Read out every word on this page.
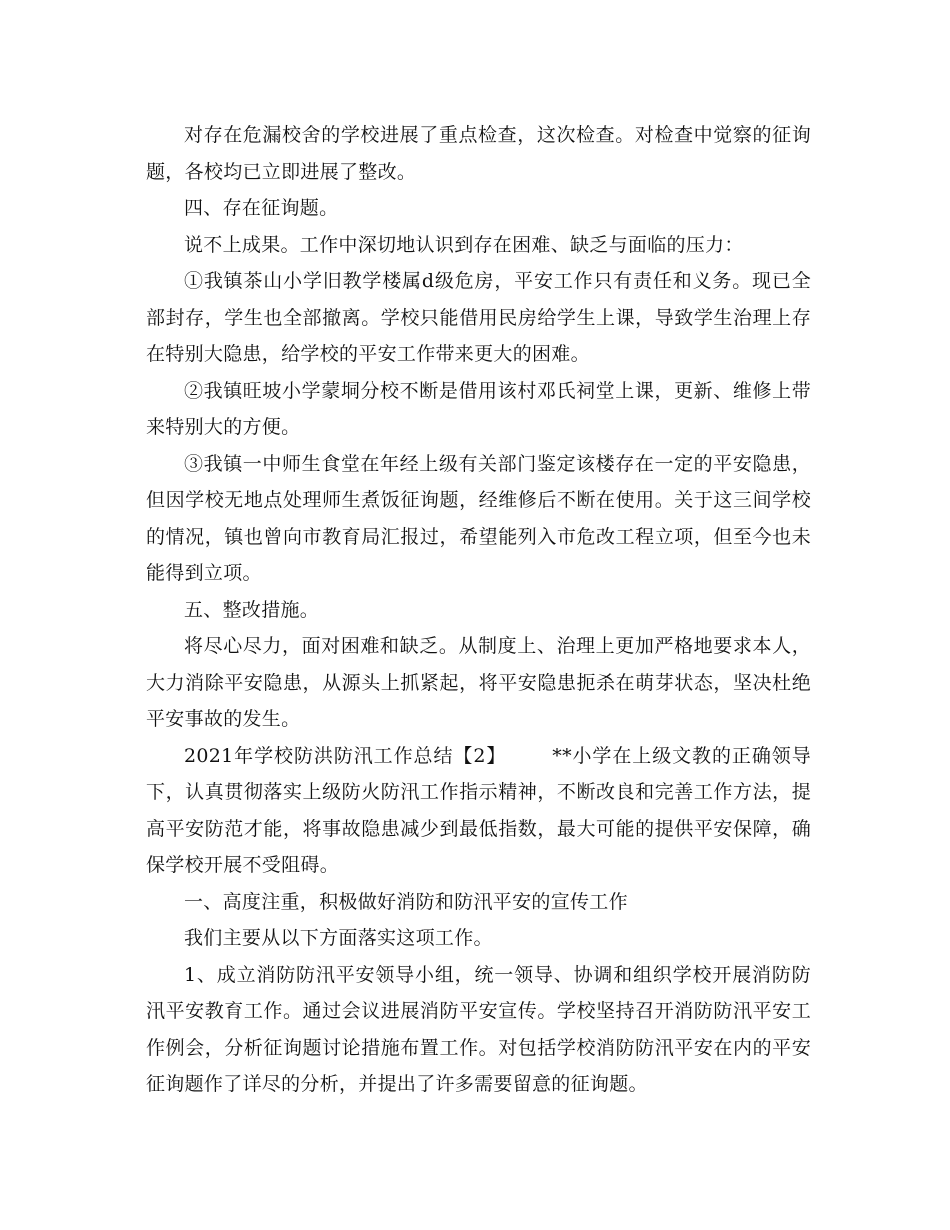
对存在危漏校舍的学校进展了重点检查，这次检查。对检查中觉察的征询题，各校均已立即进展了整改。

四、存在征询题。

说不上成果。工作中深切地认识到存在困难、缺乏与面临的压力：

①我镇茶山小学旧教学楼属d级危房，平安工作只有责任和义务。现已全部封存，学生也全部撤离。学校只能借用民房给学生上课，导致学生治理上存在特别大隐患，给学校的平安工作带来更大的困难。

②我镇旺坡小学蒙垌分校不断是借用该村邓氏祠堂上课，更新、维修上带来特别大的方便。

③我镇一中师生食堂在年经上级有关部门鉴定该楼存在一定的平安隐患，但因学校无地点处理师生煮饭征询题，经维修后不断在使用。关于这三间学校的情况，镇也曾向市教育局汇报过，希望能列入市危改工程立项，但至今也未能得到立项。

五、整改措施。

将尽心尽力，面对困难和缺乏。从制度上、治理上更加严格地要求本人，大力消除平安隐患，从源头上抓紧起，将平安隐患扼杀在萌芽状态，坚决杜绝平安事故的发生。

2021年学校防洪防汛工作总结【2】 **小学在上级文教的正确领导下，认真贯彻落实上级防火防汛工作指示精神，不断改良和完善工作方法，提高平安防范才能，将事故隐患减少到最低指数，最大可能的提供平安保障，确保学校开展不受阻碍。

一、高度注重，积极做好消防和防汛平安的宣传工作

我们主要从以下方面落实这项工作。

1、成立消防防汛平安领导小组，统一领导、协调和组织学校开展消防防汛平安教育工作。通过会议进展消防平安宣传。学校坚持召开消防防汛平安工作例会，分析征询题讨论措施布置工作。对包括学校消防防汛平安在内的平安征询题作了详尽的分析，并提出了许多需要留意的征询题。
